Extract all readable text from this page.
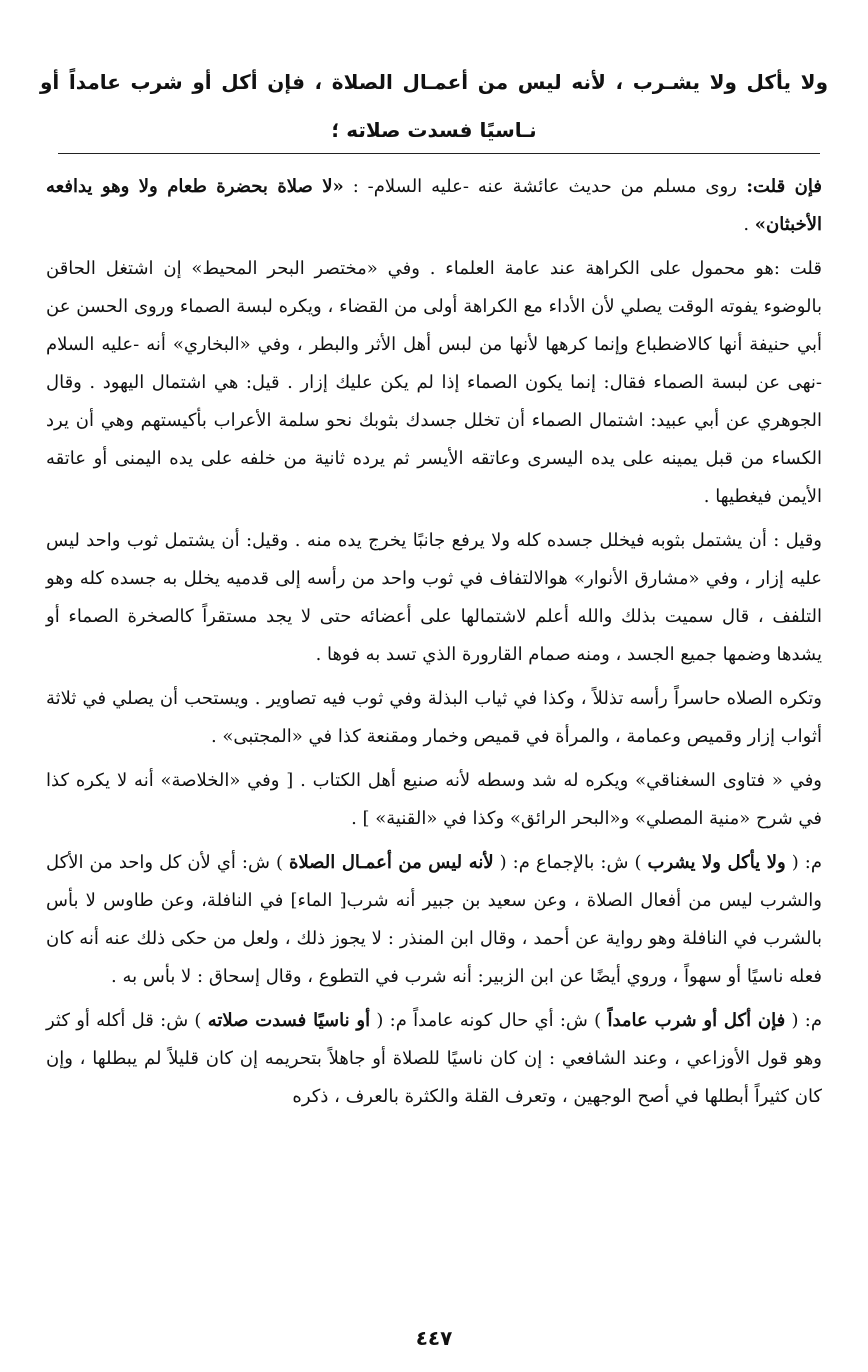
ولا يأكل ولا يشـرب ، لأنه ليس من أعمـال الصلاة ، فإن أكل أو شرب عامداً أو نـاسيًا فسدت صلاته ؛

فإن قلت: روى مسلم من حديث عائشة عنه -عليه السلام- : «لا صلاة بحضرة طعام ولا وهو يدافعه الأخبثان» .

قلت :هو محمول على الكراهة عند عامة العلماء . وفي «مختصر البحر المحيط» إن اشتغل الحاقن بالوضوء يفوته الوقت يصلي لأن الأداء مع الكراهة أولى من القضاء ، ويكره لبسة الصماء وروى الحسن عن أبي حنيفة أنها كالاضطباع وإنما كرهها لأنها من لبس أهل الأثر والبطر ، وفي «البخاري» أنه -عليه السلام -نهى عن لبسة الصماء فقال: إنما يكون الصماء إذا لم يكن عليك إزار . قيل: هي اشتمال اليهود . وقال الجوهري عن أبي عبيد: اشتمال الصماء أن تخلل جسدك بثوبك نحو سلمة الأعراب بأكيستهم وهي أن يرد الكساء من قبل يمينه على يده اليسرى وعاتقه الأيسر ثم يرده ثانية من خلفه على يده اليمنى أو عاتقه الأيمن فيغطيها .

وقيل : أن يشتمل بثوبه فيخلل جسده كله ولا يرفع جانبًا يخرج يده منه . وقيل: أن يشتمل ثوب واحد ليس عليه إزار ، وفي «مشارق الأنوار» هوالالتفاف في ثوب واحد من رأسه إلى قدميه يخلل به جسده كله وهو التلفف ، قال سميت بذلك والله أعلم لاشتمالها على أعضائه حتى لا يجد مستقراً كالصخرة الصماء أو يشدها وضمها جميع الجسد ، ومنه صمام القارورة الذي تسد به فوها .

وتكره الصلاه حاسراً رأسه تذللاً ، وكذا في ثياب البذلة وفي ثوب فيه تصاوير . ويستحب أن يصلي في ثلاثة أثواب إزار وقميص وعمامة ، والمرأة في قميص وخمار ومقنعة كذا في «المجتبى» .

وفي « فتاوى السغناقي» ويكره له شد وسطه لأنه صنيع أهل الكتاب . [ وفي «الخلاصة» أنه لا يكره كذا في شرح «منية المصلي» و«البحر الرائق» وكذا في «القنية» ] .

م: ( ولا يأكل ولا يشرب ) ش: بالإجماع م: ( لأنه ليس من أعمـال الصلاة ) ش: أي لأن كل واحد من الأكل والشرب ليس من أفعال الصلاة ، وعن سعيد بن جبير أنه شرب[ الماء] في النافلة، وعن طاوس لا بأس بالشرب في النافلة وهو رواية عن أحمد ، وقال ابن المنذر : لا يجوز ذلك ، ولعل من حكى ذلك عنه أنه كان فعله ناسيًا أو سهواً ، وروي أيضًا عن ابن الزبير: أنه شرب في التطوع ، وقال إسحاق : لا بأس به .

م: ( فإن أكل أو شرب عامداً ) ش: أي حال كونه عامداً م: ( أو ناسيًا فسدت صلاته ) ش: قل أكله أو كثر وهو قول الأوزاعي ، وعند الشافعي : إن كان ناسيًا للصلاة أو جاهلاً بتحريمه إن كان قليلاً لم يبطلها ، وإن كان كثيراً أبطلها في أصح الوجهين ، وتعرف القلة والكثرة بالعرف ، ذكره

٤٤٧
